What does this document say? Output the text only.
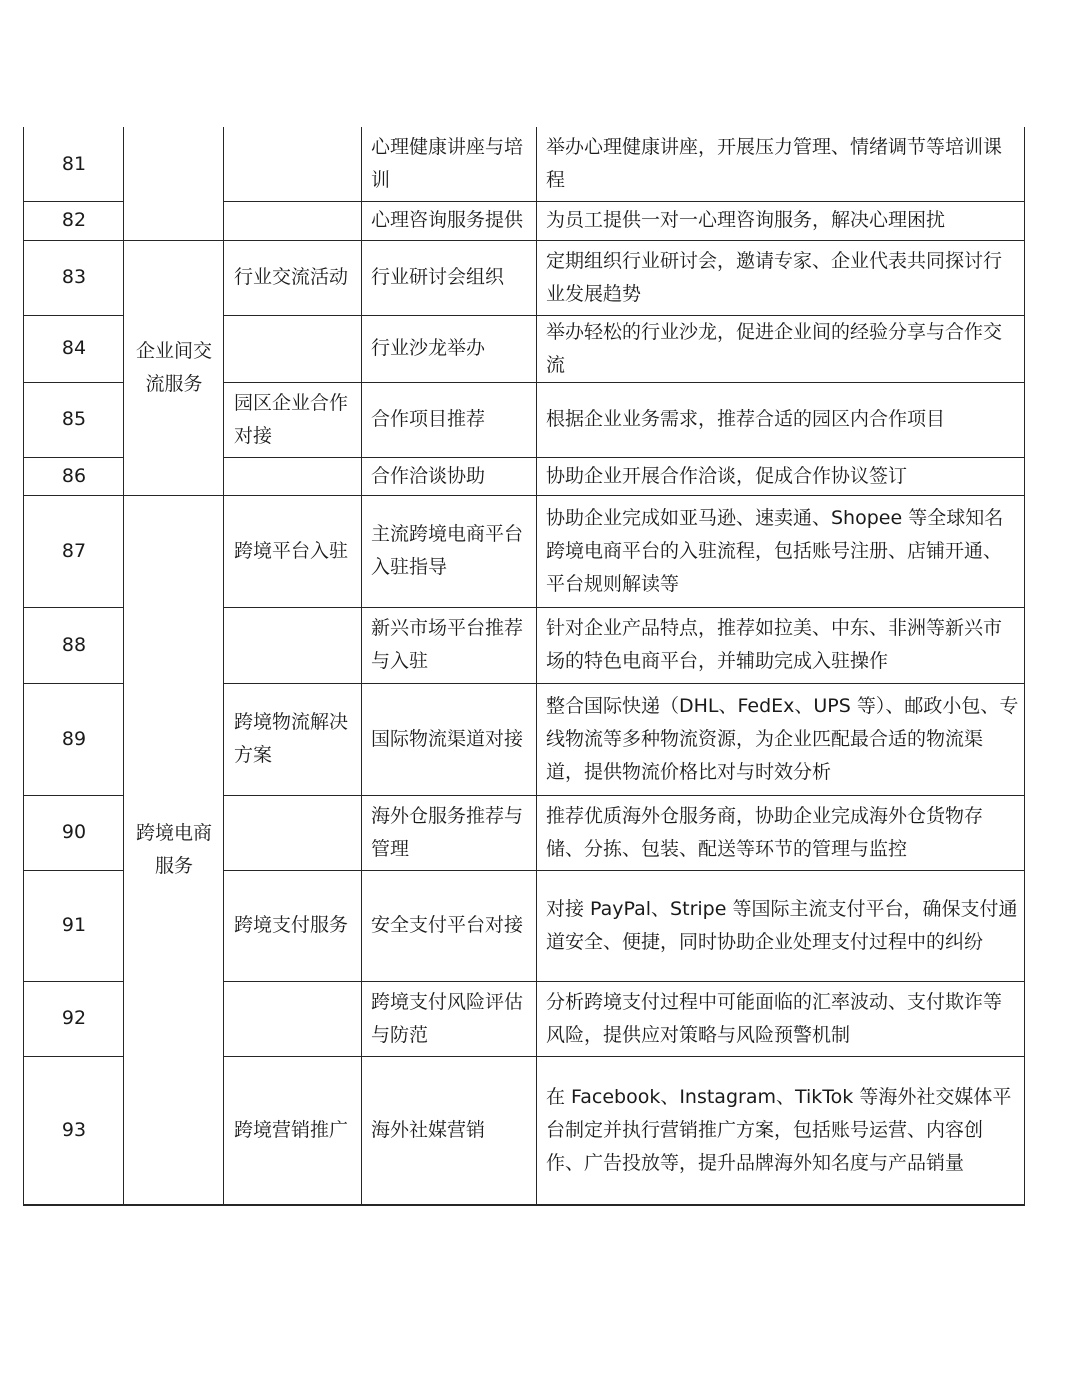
81
82
83
84
85
86
87
88
89
90
91
92
93
企业间交流服务
跨境电商服务
行业交流活动
园区企业合作对接
跨境平台入驻
跨境物流解决方案
跨境支付服务
跨境营销推广
心理健康讲座与培训
心理咨询服务提供
行业研讨会组织
行业沙龙举办
合作项目推荐
合作洽谈协助
主流跨境电商平台入驻指导
新兴市场平台推荐与入驻
国际物流渠道对接
海外仓服务推荐与管理
安全支付平台对接
跨境支付风险评估与防范
海外社媒营销
举办心理健康讲座，开展压力管理、情绪调节等培训课程
为员工提供一对一心理咨询服务，解决心理困扰
定期组织行业研讨会，邀请专家、企业代表共同探讨行业发展趋势
举办轻松的行业沙龙，促进企业间的经验分享与合作交流
根据企业业务需求，推荐合适的园区内合作项目
协助企业开展合作洽谈，促成合作协议签订
协助企业完成如亚马逊、速卖通、Shopee 等全球知名跨境电商平台的入驻流程，包括账号注册、店铺开通、平台规则解读等
针对企业产品特点，推荐如拉美、中东、非洲等新兴市场的特色电商平台，并辅助完成入驻操作
整合国际快递（DHL、FedEx、UPS 等）、邮政小包、专线物流等多种物流资源，为企业匹配最合适的物流渠道，提供物流价格比对与时效分析
推荐优质海外仓服务商，协助企业完成海外仓货物存储、分拣、包装、配送等环节的管理与监控
对接 PayPal、Stripe 等国际主流支付平台，确保支付通道安全、便捷，同时协助企业处理支付过程中的纠纷
分析跨境支付过程中可能面临的汇率波动、支付欺诈等风险，提供应对策略与风险预警机制
在 Facebook、Instagram、TikTok 等海外社交媒体平台制定并执行营销推广方案，包括账号运营、内容创作、广告投放等，提升品牌海外知名度与产品销量
